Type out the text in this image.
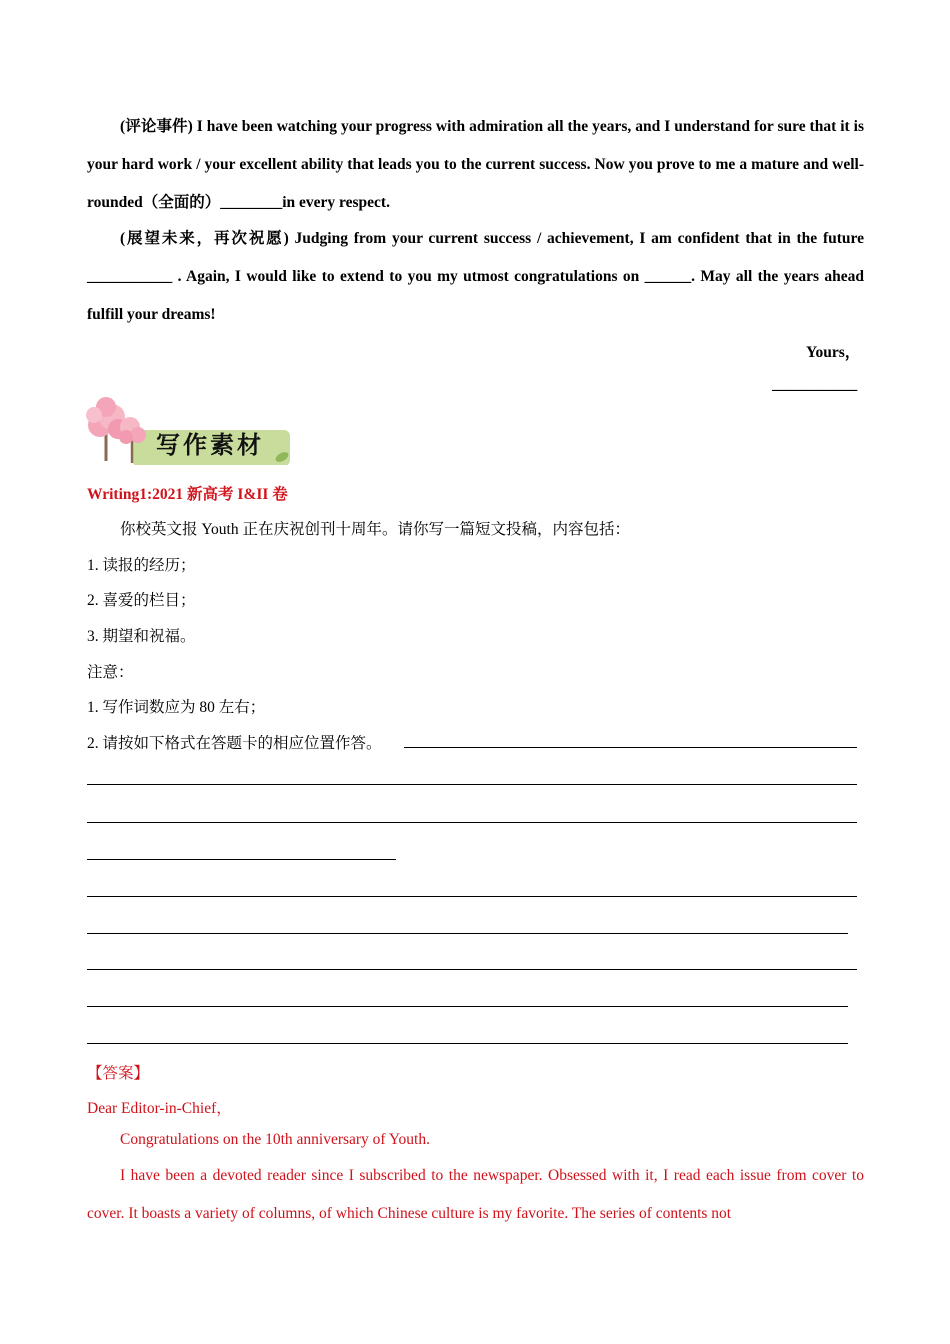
(评论事件) I have been watching your progress with admiration all the years, and I understand for sure that it is your hard work / your excellent ability that leads you to the current success. Now you prove to me a mature and well-rounded（全面的）________in every respect.

(展望未来，再次祝愿) Judging from your current success / achievement, I am confident that in the future ___________ . Again, I would like to extend to you my utmost congratulations on ______. May all the years ahead fulfill your dreams!

Yours，
___________
写作素材
Writing1:2021 新高考 I&II 卷
你校英文报 Youth 正在庆祝创刊十周年。请你写一篇短文投稿，内容包括：
1. 读报的经历；
2. 喜爱的栏目；
3. 期望和祝福。
注意：
1. 写作词数应为 80 左右；
2. 请按如下格式在答题卡的相应位置作答。
【答案】
Dear Editor-in-Chief，
Congratulations on the 10th anniversary of Youth.

I have been a devoted reader since I subscribed to the newspaper. Obsessed with it, I read each issue from cover to cover. It boasts a variety of columns, of which Chinese culture is my favorite. The series of contents not
